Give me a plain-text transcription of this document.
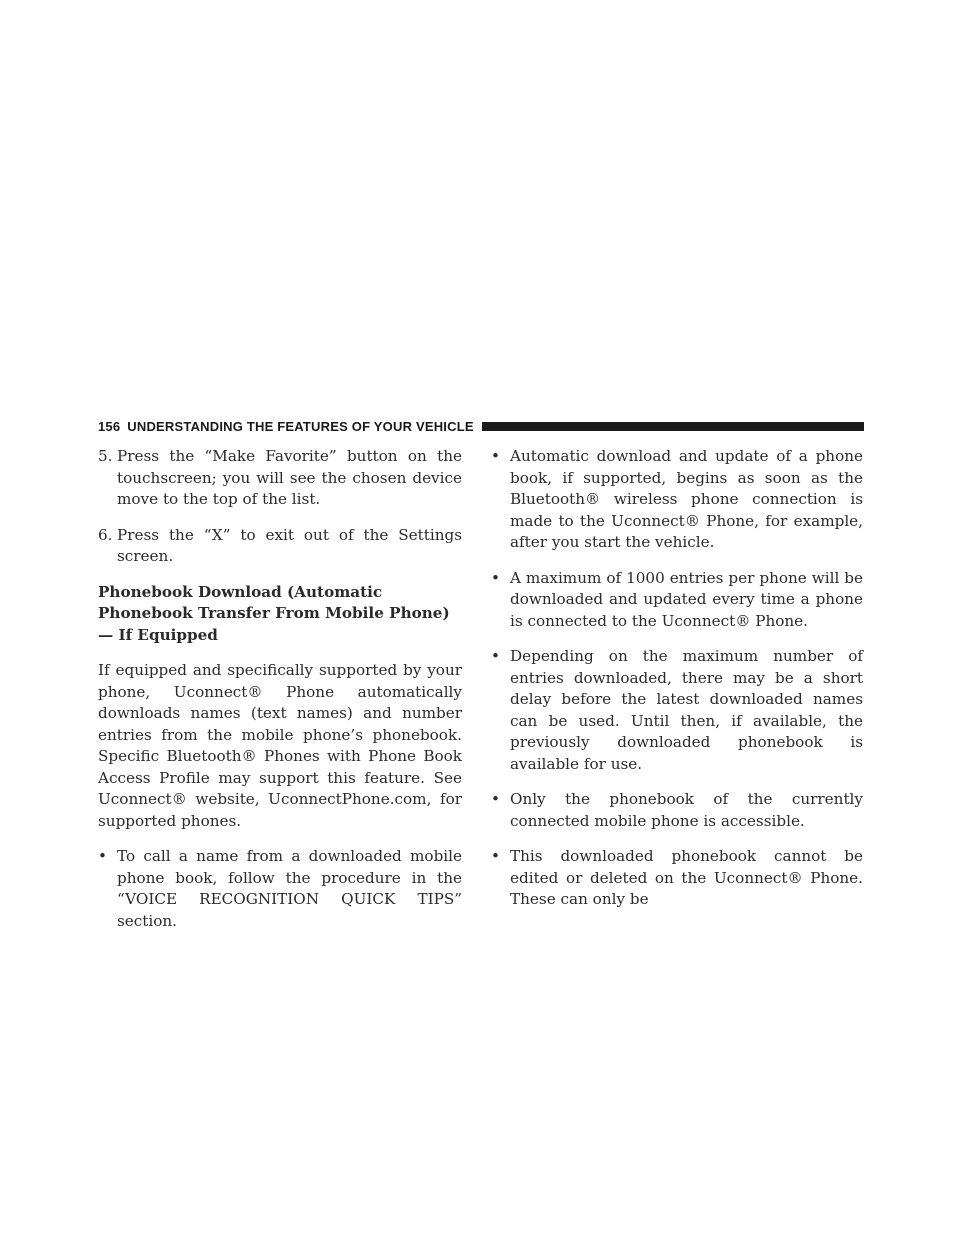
156 UNDERSTANDING THE FEATURES OF YOUR VEHICLE

5. Press the “Make Favorite” button on the touchscreen; you will see the chosen device move to the top of the list.

6. Press the “X” to exit out of the Settings screen.

Phonebook Download (Automatic Phonebook Transfer From Mobile Phone) — If Equipped

If equipped and specifically supported by your phone, Uconnect® Phone automatically downloads names (text names) and number entries from the mobile phone’s phonebook. Specific Bluetooth® Phones with Phone Book Access Profile may support this feature. See Uconnect® website, UconnectPhone.com, for supported phones.

• To call a name from a downloaded mobile phone book, follow the procedure in the “VOICE RECOGNITION QUICK TIPS” section.
• Automatic download and update of a phone book, if supported, begins as soon as the Bluetooth® wireless phone connection is made to the Uconnect® Phone, for example, after you start the vehicle.
• A maximum of 1000 entries per phone will be downloaded and updated every time a phone is connected to the Uconnect® Phone.
• Depending on the maximum number of entries downloaded, there may be a short delay before the latest downloaded names can be used. Until then, if available, the previously downloaded phonebook is available for use.
• Only the phonebook of the currently connected mobile phone is accessible.
• This downloaded phonebook cannot be edited or deleted on the Uconnect® Phone. These can only be
